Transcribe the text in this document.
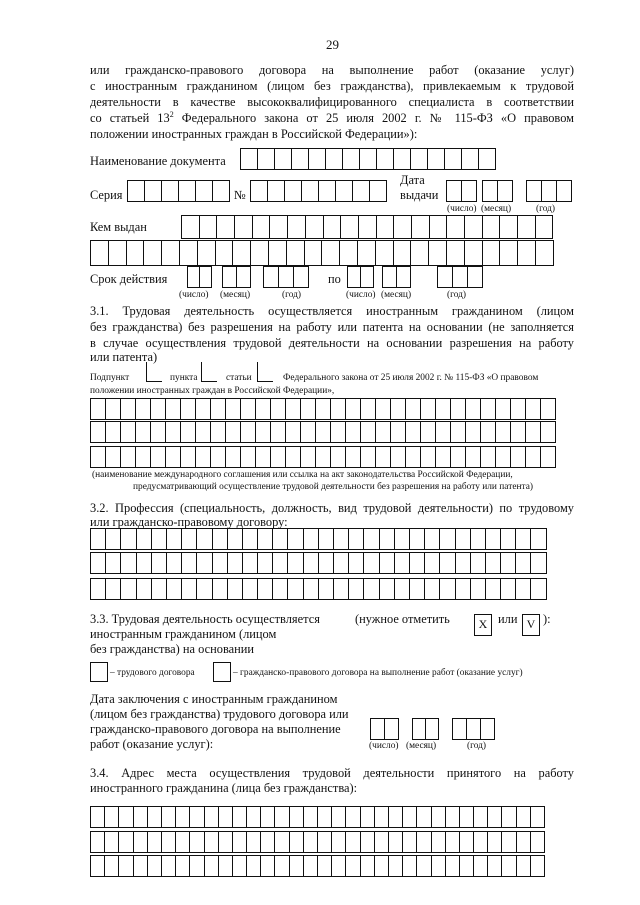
29
или гражданско-правового договора на выполнение работ (оказание услуг)
с иностранным гражданином (лицом без гражданства), привлекаемым к трудовой
деятельности в качестве высококвалифицированного специалиста в соответствии
со статьей $13^2$ Федерального закона от 25 июля 2002 г. № 115-ФЗ «О правовом
положении иностранных граждан в Российской Федерации»):
Наименование документа
Серия	№
Дата
выдачи
(число) (месяц)	(год)
Кем выдан
Срок действия	по
(число) (месяц)	(год)	(число) (месяц)	(год)
3.1. Трудовая деятельность осуществляется иностранным гражданином (лицом
без гражданства) без разрешения на работу или патента на основании (не заполняется
в случае осуществления трудовой деятельности на основании разрешения на работу
или патента)
Подпункт	пункта	статьи	Федерального закона от 25 июля 2002 г. № 115-ФЗ «О правовом
положении иностранных граждан в Российской Федерации»,
(наименование международного соглашения или ссылка на акт законодательства Российской Федерации,
предусматривающий осуществление трудовой деятельности без разрешения на работу или патента)
3.2. Профессия (специальность, должность, вид трудовой деятельности) по трудовому
или гражданско-правовому договору:
3.3. Трудовая деятельность осуществляется
иностранным гражданином (лицом
без гражданства) на основании
(нужное отметить	X или V ):
– трудового договора	– гражданско-правового договора на выполнение работ (оказание услуг)
Дата заключения с иностранным гражданином
(лицом без гражданства) трудового договора или
гражданско-правового договора на выполнение
работ (оказание услуг):	(число) (месяц)	(год)
3.4. Адрес места осуществления трудовой деятельности принятого на работу
иностранного гражданина (лица без гражданства):
